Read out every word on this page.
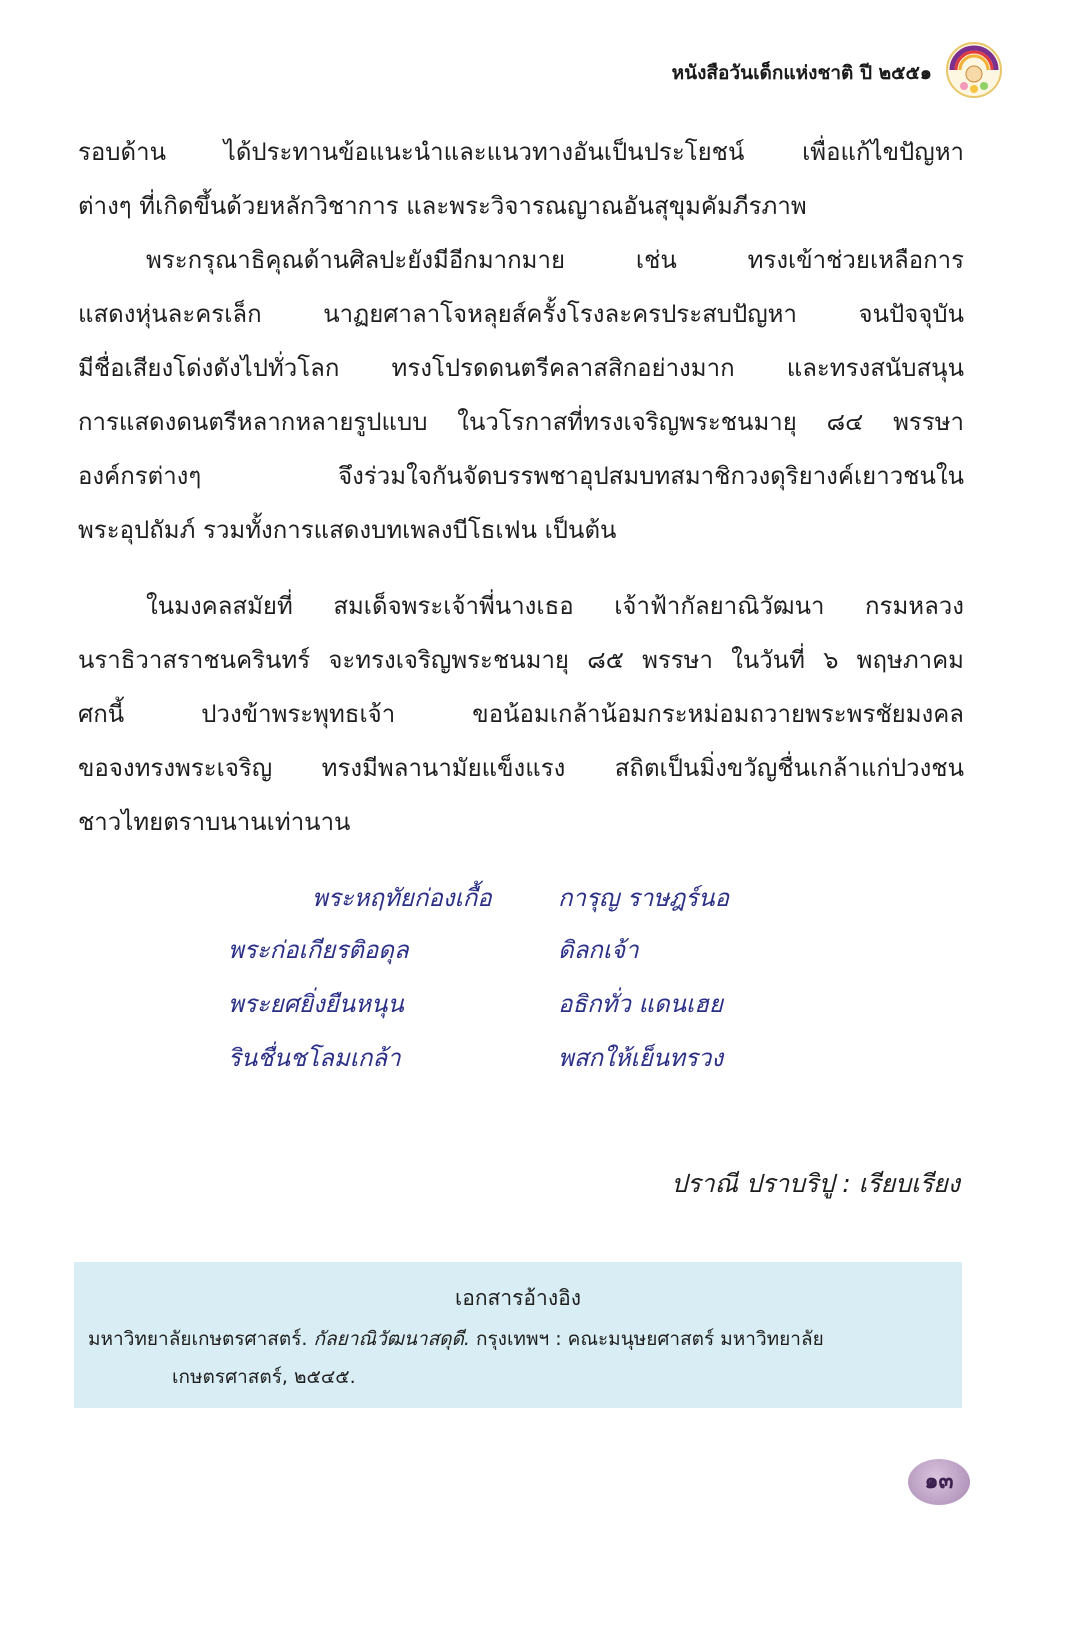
หนังสือวันเด็กแห่งชาติ ปี ๒๕๕๑
รอบด้าน ได้ประทานข้อแนะนำและแนวทางอันเป็นประโยชน์ เพื่อแก้ไขปัญหา
ต่างๆ ที่เกิดขึ้นด้วยหลักวิชาการ และพระวิจารณญาณอันสุขุมคัมภีรภาพ
พระกรุณาธิคุณด้านศิลปะยังมีอีกมากมาย เช่น ทรงเข้าช่วยเหลือการ
แสดงหุ่นละครเล็ก นาฏยศาลาโจหลุยส์ครั้งโรงละครประสบปัญหา จนปัจจุบัน
มีชื่อเสียงโด่งดังไปทั่วโลก ทรงโปรดดนตรีคลาสสิกอย่างมาก และทรงสนับสนุน
การแสดงดนตรีหลากหลายรูปแบบ ในวโรกาสที่ทรงเจริญพระชนมายุ ๘๔ พรรษา
องค์กรต่างๆ จึงร่วมใจกันจัดบรรพชาอุปสมบทสมาชิกวงดุริยางค์เยาวชนใน
พระอุปถัมภ์ รวมทั้งการแสดงบทเพลงบีโธเฟน เป็นต้น
ในมงคลสมัยที่ สมเด็จพระเจ้าพี่นางเธอ เจ้าฟ้ากัลยาณิวัฒนา กรมหลวง
นราธิวาสราชนครินทร์ จะทรงเจริญพระชนมายุ ๘๕ พรรษา ในวันที่ ๖ พฤษภาคม
ศกนี้ ปวงข้าพระพุทธเจ้า ขอน้อมเกล้าน้อมกระหม่อมถวายพระพรชัยมงคล
ขอจงทรงพระเจริญ ทรงมีพลานามัยแข็งแรง สถิตเป็นมิ่งขวัญชื่นเกล้าแก่ปวงชน
ชาวไทยตราบนานเท่านาน
พระหฤทัยก่องเกื้อ	การุญ ราษฎร์นอ
พระก่อเกียรติอดุล	ดิลกเจ้า
พระยศยิ่งยืนหนุน	อธิกทั่ว แดนเฮย
รินชื่นชโลมเกล้า	พสกให้เย็นทรวง
ปราณี ปราบริปู : เรียบเรียง
เอกสารอ้างอิง
มหาวิทยาลัยเกษตรศาสตร์. กัลยาณิวัฒนาสดุดี. กรุงเทพฯ : คณะมนุษยศาสตร์ มหาวิทยาลัย
เกษตรศาสตร์, ๒๕๔๕.
๑๓
